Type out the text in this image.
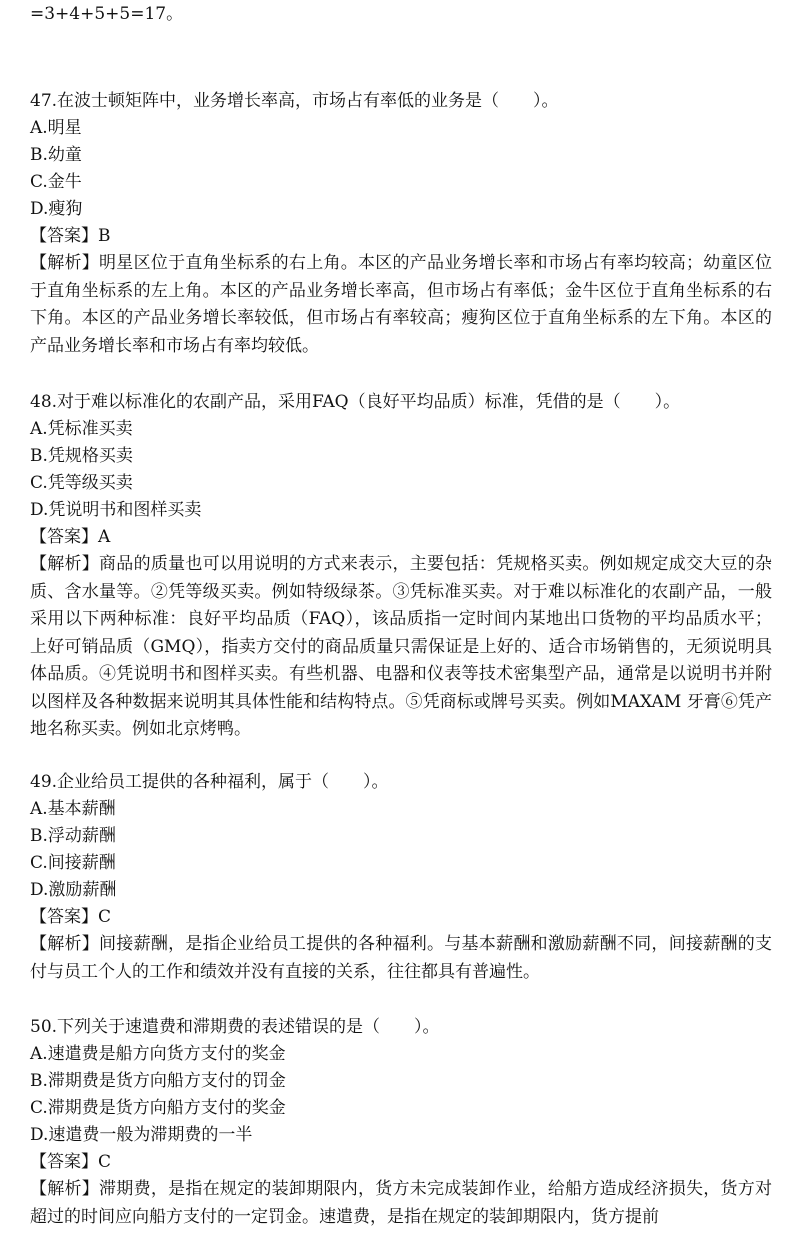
=3+4+5+5=17。
47.在波士顿矩阵中，业务增长率高，市场占有率低的业务是（　　）。
A.明星
B.幼童
C.金牛
D.瘦狗
【答案】B
【解析】明星区位于直角坐标系的右上角。本区的产品业务增长率和市场占有率均较高；幼童区位于直角坐标系的左上角。本区的产品业务增长率高，但市场占有率低；金牛区位于直角坐标系的右下角。本区的产品业务增长率较低，但市场占有率较高；瘦狗区位于直角坐标系的左下角。本区的产品业务增长率和市场占有率均较低。
48.对于难以标准化的农副产品，采用FAQ（良好平均品质）标准，凭借的是（　　）。
A.凭标准买卖
B.凭规格买卖
C.凭等级买卖
D.凭说明书和图样买卖
【答案】A
【解析】商品的质量也可以用说明的方式来表示，主要包括：凭规格买卖。例如规定成交大豆的杂质、含水量等。②凭等级买卖。例如特级绿茶。③凭标准买卖。对于难以标准化的农副产品，一般采用以下两种标准：良好平均品质（FAQ），该品质指一定时间内某地出口货物的平均品质水平；上好可销品质（GMQ），指卖方交付的商品质量只需保证是上好的、适合市场销售的，无须说明具体品质。④凭说明书和图样买卖。有些机器、电器和仪表等技术密集型产品，通常是以说明书并附以图样及各种数据来说明其具体性能和结构特点。⑤凭商标或牌号买卖。例如MAXAM 牙膏⑥凭产地名称买卖。例如北京烤鸭。
49.企业给员工提供的各种福利，属于（　　）。
A.基本薪酬
B.浮动薪酬
C.间接薪酬
D.激励薪酬
【答案】C
【解析】间接薪酬，是指企业给员工提供的各种福利。与基本薪酬和激励薪酬不同，间接薪酬的支付与员工个人的工作和绩效并没有直接的关系，往往都具有普遍性。
50.下列关于速遣费和滞期费的表述错误的是（　　）。
A.速遣费是船方向货方支付的奖金
B.滞期费是货方向船方支付的罚金
C.滞期费是货方向船方支付的奖金
D.速遣费一般为滞期费的一半
【答案】C
【解析】滞期费，是指在规定的装卸期限内，货方未完成装卸作业，给船方造成经济损失，货方对超过的时间应向船方支付的一定罚金。速遣费，是指在规定的装卸期限内，货方提前
